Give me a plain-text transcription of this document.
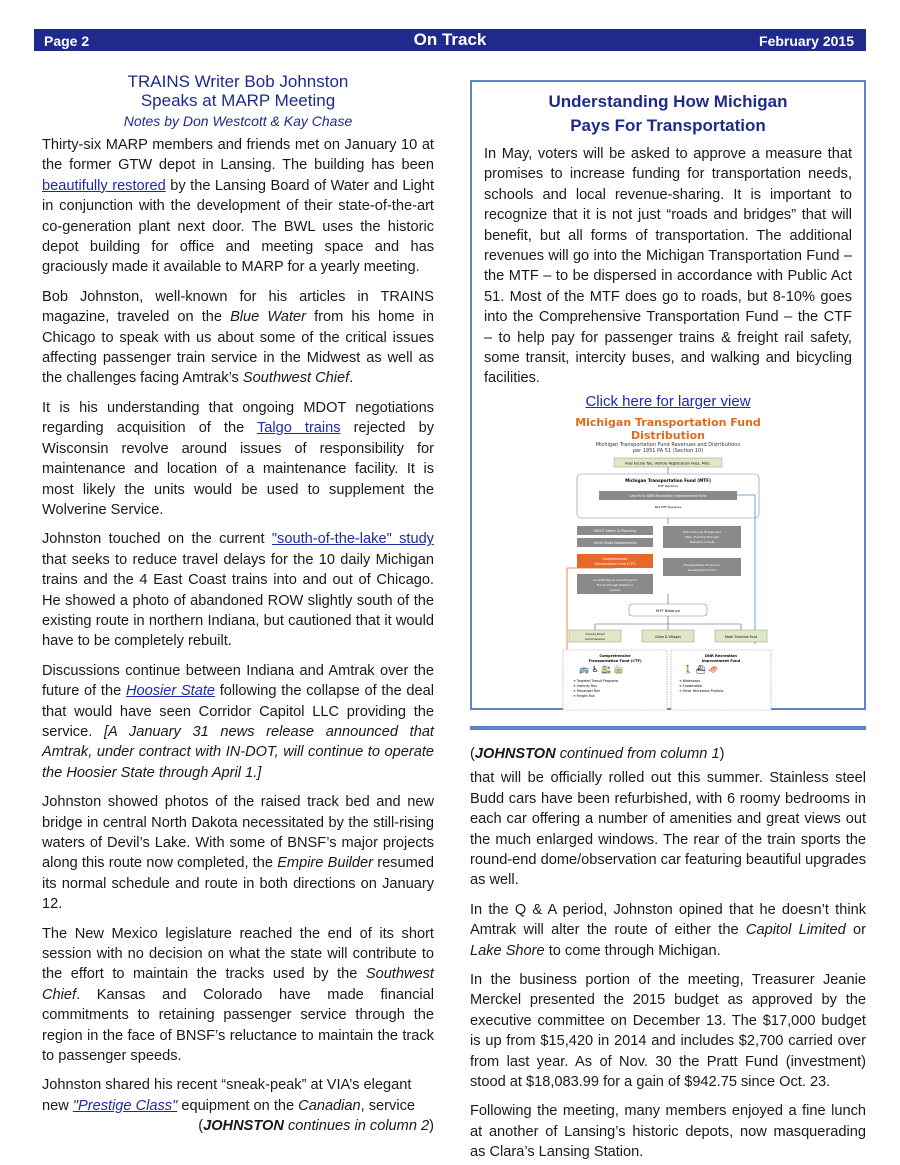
Page 2	On Track	February 2015
TRAINS Writer Bob Johnston
Speaks at MARP Meeting
Notes by Don Westcott & Kay Chase

Thirty-six MARP members and friends met on January 10 at the former GTW depot in Lansing. The building has been beautifully restored by the Lansing Board of Water and Light in conjunction with the development of their state-of-the-art co-generation plant next door. The BWL uses the historic depot building for office and meeting space and has graciously made it available to MARP for a yearly meeting.

Bob Johnston, well-known for his articles in TRAINS magazine, traveled on the Blue Water from his home in Chicago to speak with us about some of the critical issues affecting passenger train service in the Midwest as well as the challenges facing Amtrak’s Southwest Chief.

It is his understanding that ongoing MDOT negotiations regarding acquisition of the Talgo trains rejected by Wisconsin revolve around issues of responsibility for maintenance and location of a maintenance facility. It is most likely the units would be used to supplement the Wolverine Service.

Johnston touched on the current "south-of-the-lake" study that seeks to reduce travel delays for the 10 daily Michigan trains and the 4 East Coast trains into and out of Chicago. He showed a photo of abandoned ROW slightly south of the existing route in northern Indiana, but cautioned that it would have to be completely rebuilt.

Discussions continue between Indiana and Amtrak over the future of the Hoosier State following the collapse of the deal that would have seen Corridor Capitol LLC providing the service. [A January 31 news release announced that Amtrak, under contract with IN-DOT, will continue to operate the Hoosier State through April 1.]

Johnston showed photos of the raised track bed and new bridge in central North Dakota necessitated by the still-rising waters of Devil’s Lake. With some of BNSF’s major projects along this route now completed, the Empire Builder resumed its normal schedule and route in both directions on January 12.

The New Mexico legislature reached the end of its short session with no decision on what the state will contribute to the effort to maintain the tracks used by the Southwest Chief. Kansas and Colorado have made financial commitments to retaining passenger service through the region in the face of BNSF’s reluctance to maintain the track to passenger speeds.

Johnston shared his recent “sneak-peak” at VIA’s elegant new "Prestige Class" equipment on the Canadian, service

(JOHNSTON continues in column 2)
Understanding How Michigan
Pays For Transportation

In May, voters will be asked to approve a measure that promises to increase funding for transportation needs, schools and local revenue-sharing. It is important to recognize that it is not just “roads and bridges” that will benefit, but all forms of transportation. The additional revenues will go into the Michigan Transportation Fund – the MTF – to be dispersed in accordance with Public Act 51. Most of the MTF does go to roads, but 8-10% goes into the Comprehensive Transportation Fund – the CTF – to help pay for passenger trains & freight rail safety, some transit, intercity buses, and walking and bicycling facilities.

Click here for larger view
Michigan Transportation Fund Distribution
Michigan Transportation Fund Revenues and Distributions
per 1951 PA 51 (Section 10)
Fuel Excise Tax, Vehicle Registration Fees, Misc.
Michigan Transportation Fund (MTF)
MTF Revenue
Less % to DNR Recreation Improvement Fund
Net MTF Revenue
MDOT Admin & Planning
Other State Departments
Comprehensive
Transportation Fund (CTF)
Local Bridge & Local Program
Funds through Statutory
Grants
Rail Crossing, Bridge and
Misc. Funding through
Statutory Grants
Transportation Economic
Development Fund
MTF Balance
County Road
Commissions	Cities & Villages	State Trunkline Fund
Comprehensive
Transportation Fund (CTF)
🚌 ♿ 🚉 🚋
➔ Targeted Transit Programs
➔ Intercity Bus
➔ Passenger Rail
➔ Freight Rail
DNR Recreation
Improvement Fund
🚶 ⛴ 🛷
➔ Waterways
➔ Snowmobile
➔ Other Recreation Projects

(JOHNSTON continued from column 1)

that will be officially rolled out this summer. Stainless steel Budd cars have been refurbished, with 6 roomy bedrooms in each car offering a number of amenities and great views out the much enlarged windows. The rear of the train sports the round-end dome/observation car featuring beautiful upgrades as well.

In the Q & A period, Johnston opined that he doesn’t think Amtrak will alter the route of either the Capitol Limited or Lake Shore to come through Michigan.

In the business portion of the meeting, Treasurer Jeanie Merckel presented the 2015 budget as approved by the executive committee on December 13. The $17,000 budget is up from $15,420 in 2014 and includes $2,700 carried over from last year. As of Nov. 30 the Pratt Fund (investment) stood at $18,083.99 for a gain of $942.75 since Oct. 23.

Following the meeting, many members enjoyed a fine lunch at another of Lansing’s historic depots, now masquerading as Clara’s Lansing Station.
